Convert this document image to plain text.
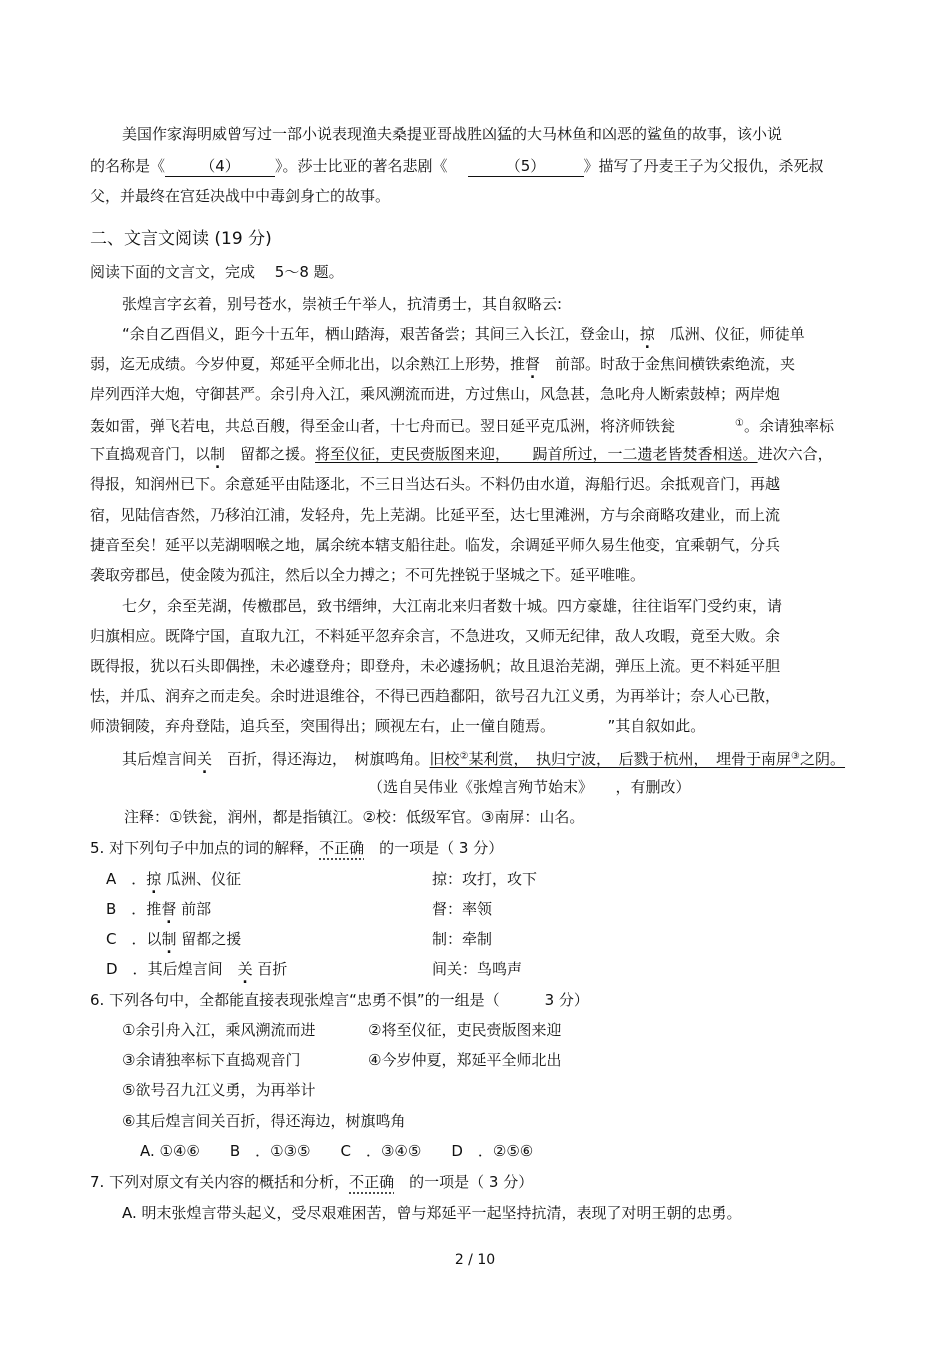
美国作家海明威曾写过一部小说表现渔夫桑提亚哥战胜凶猛的大马林鱼和凶恶的鲨鱼的故事，该小说
的名称是《 （4） 》。莎士比亚的著名悲剧《	（5）	》描写了丹麦王子为父报仇，杀死叔
父，并最终在宫廷决战中中毒剑身亡的故事。
二、文言文阅读 (19 分)
阅读下面的文言文，完成　 5～8 题。
张煌言字玄着，别号苍水，崇祯壬午举人，抗清勇士，其自叙略云:
“余自乙酉倡义，距今十五年，栖山踏海，艰苦备尝；其间三入长江，登金山，掠　瓜洲、仪征，师徒单
弱，迄无成绩。今岁仲夏，郑延平全师北出，以余熟江上形势，推督　前部。时敌于金焦间横铁索绝流，夹
岸列西洋大炮，守御甚严。余引舟入江，乘风溯流而进，方过焦山，风急甚，急叱舟人断索鼓棹；两岸炮
轰如雷，弹飞若电，共总百艘，得至金山者，十七舟而已。翌日延平克瓜洲，将济师铁瓮	①。余请独率标
下直捣观音门，以制　留都之援。将至仪征，吏民赍版图来迎，　　跼首所过，一二遗老皆焚香相送。进次六合，
得报，知润州已下。余意延平由陆逐北，不三日当达石头。不料仍由水道，海船行迟。余抵观音门，再越
宿，见陆信杳然，乃移泊江浦，发轻舟，先上芜湖。比延平至，达七里滩洲，方与余商略攻建业，而上流
捷音至矣！延平以芜湖咽喉之地，属余统本辖支船往赴。临发，余调延平师久易生他变，宜乘朝气，分兵
袭取旁郡邑，使金陵为孤注，然后以全力搏之；不可先挫锐于坚城之下。延平唯唯。
七夕，余至芜湖，传檄郡邑，致书缙绅，大江南北来归者数十城。四方豪雄，往往诣军门受约束，请
归旗相应。既降宁国，直取九江，不料延平忽弃余言，不急进攻，又师无纪律，敌人攻暇，竟至大败。余
既得报，犹以石头即偶挫，未必遽登舟；即登舟，未必遽扬帆；故且退治芜湖，弹压上流。更不料延平胆
怯，并瓜、润弃之而走矣。余时进退维谷，不得已西趋鄱阳，欲号召九江义勇，为再举计；奈人心已散，
师溃铜陵，弃舟登陆，追兵至，突围得出；顾视左右，止一僮自随焉。　　　　”其自叙如此。
其后煌言间关　百折，得还海边，　树旗鸣角。旧校②某利赏，　执归宁波，　后戮于杭州，　埋骨于南屏③之阴。
（选自吴伟业《张煌言殉节始末》　　，有删改）
注释：①铁瓮，润州，都是指镇江。②校：低级军官。③南屏：山名。
5. 对下列句子中加点的词的解释，不正确　的一项是（ 3 分）
A　．掠 瓜洲、仪征	掠：攻打，攻下
B　．推督 前部	督：率领
C　．以制 留都之援	制：牵制
D　．其后煌言间　关 百折	间关：鸟鸣声
6. 下列各句中，全都能直接表现张煌言“忠勇不惧”的一组是（　　　3 分）
①余引舟入江，乘风溯流而进	②将至仪征，吏民赍版图来迎
③余请独率标下直捣观音门	④今岁仲夏，郑延平全师北出
⑤欲号召九江义勇，为再举计
⑥其后煌言间关百折，得还海边，树旗鸣角
A. ①④⑥　　B　．①③⑤　　C　．③④⑤　　D　．②⑤⑥
7. 下列对原文有关内容的概括和分析，不正确　的一项是（ 3 分）
A. 明末张煌言带头起义，受尽艰难困苦，曾与郑延平一起坚持抗清，表现了对明王朝的忠勇。
2 / 10
